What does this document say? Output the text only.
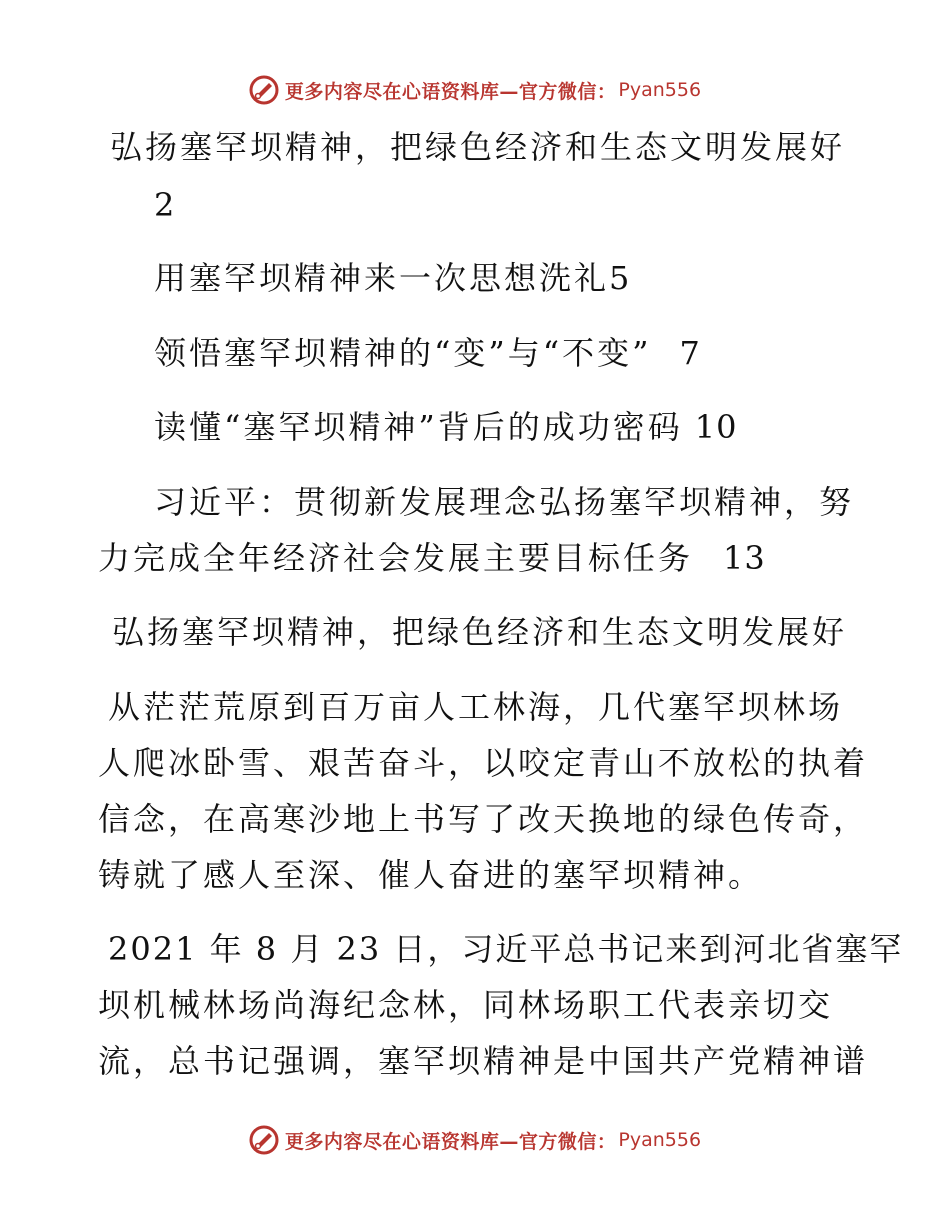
更多内容尽在心语资料库—官方微信： Pyan556
弘扬塞罕坝精神，把绿色经济和生态文明发展好
2
用塞罕坝精神来一次思想洗礼5
领悟塞罕坝精神的“变”与“不变” 7
读懂“塞罕坝精神”背后的成功密码 10
习近平：贯彻新发展理念弘扬塞罕坝精神，努
力完成全年经济社会发展主要目标任务 13
弘扬塞罕坝精神，把绿色经济和生态文明发展好
从茫茫荒原到百万亩人工林海，几代塞罕坝林场
人爬冰卧雪、艰苦奋斗，以咬定青山不放松的执着
信念，在高寒沙地上书写了改天换地的绿色传奇，
铸就了感人至深、催人奋进的塞罕坝精神。
2021 年 8 月 23 日，习近平总书记来到河北省塞罕
坝机械林场尚海纪念林，同林场职工代表亲切交
流，总书记强调，塞罕坝精神是中国共产党精神谱
更多内容尽在心语资料库—官方微信： Pyan556
